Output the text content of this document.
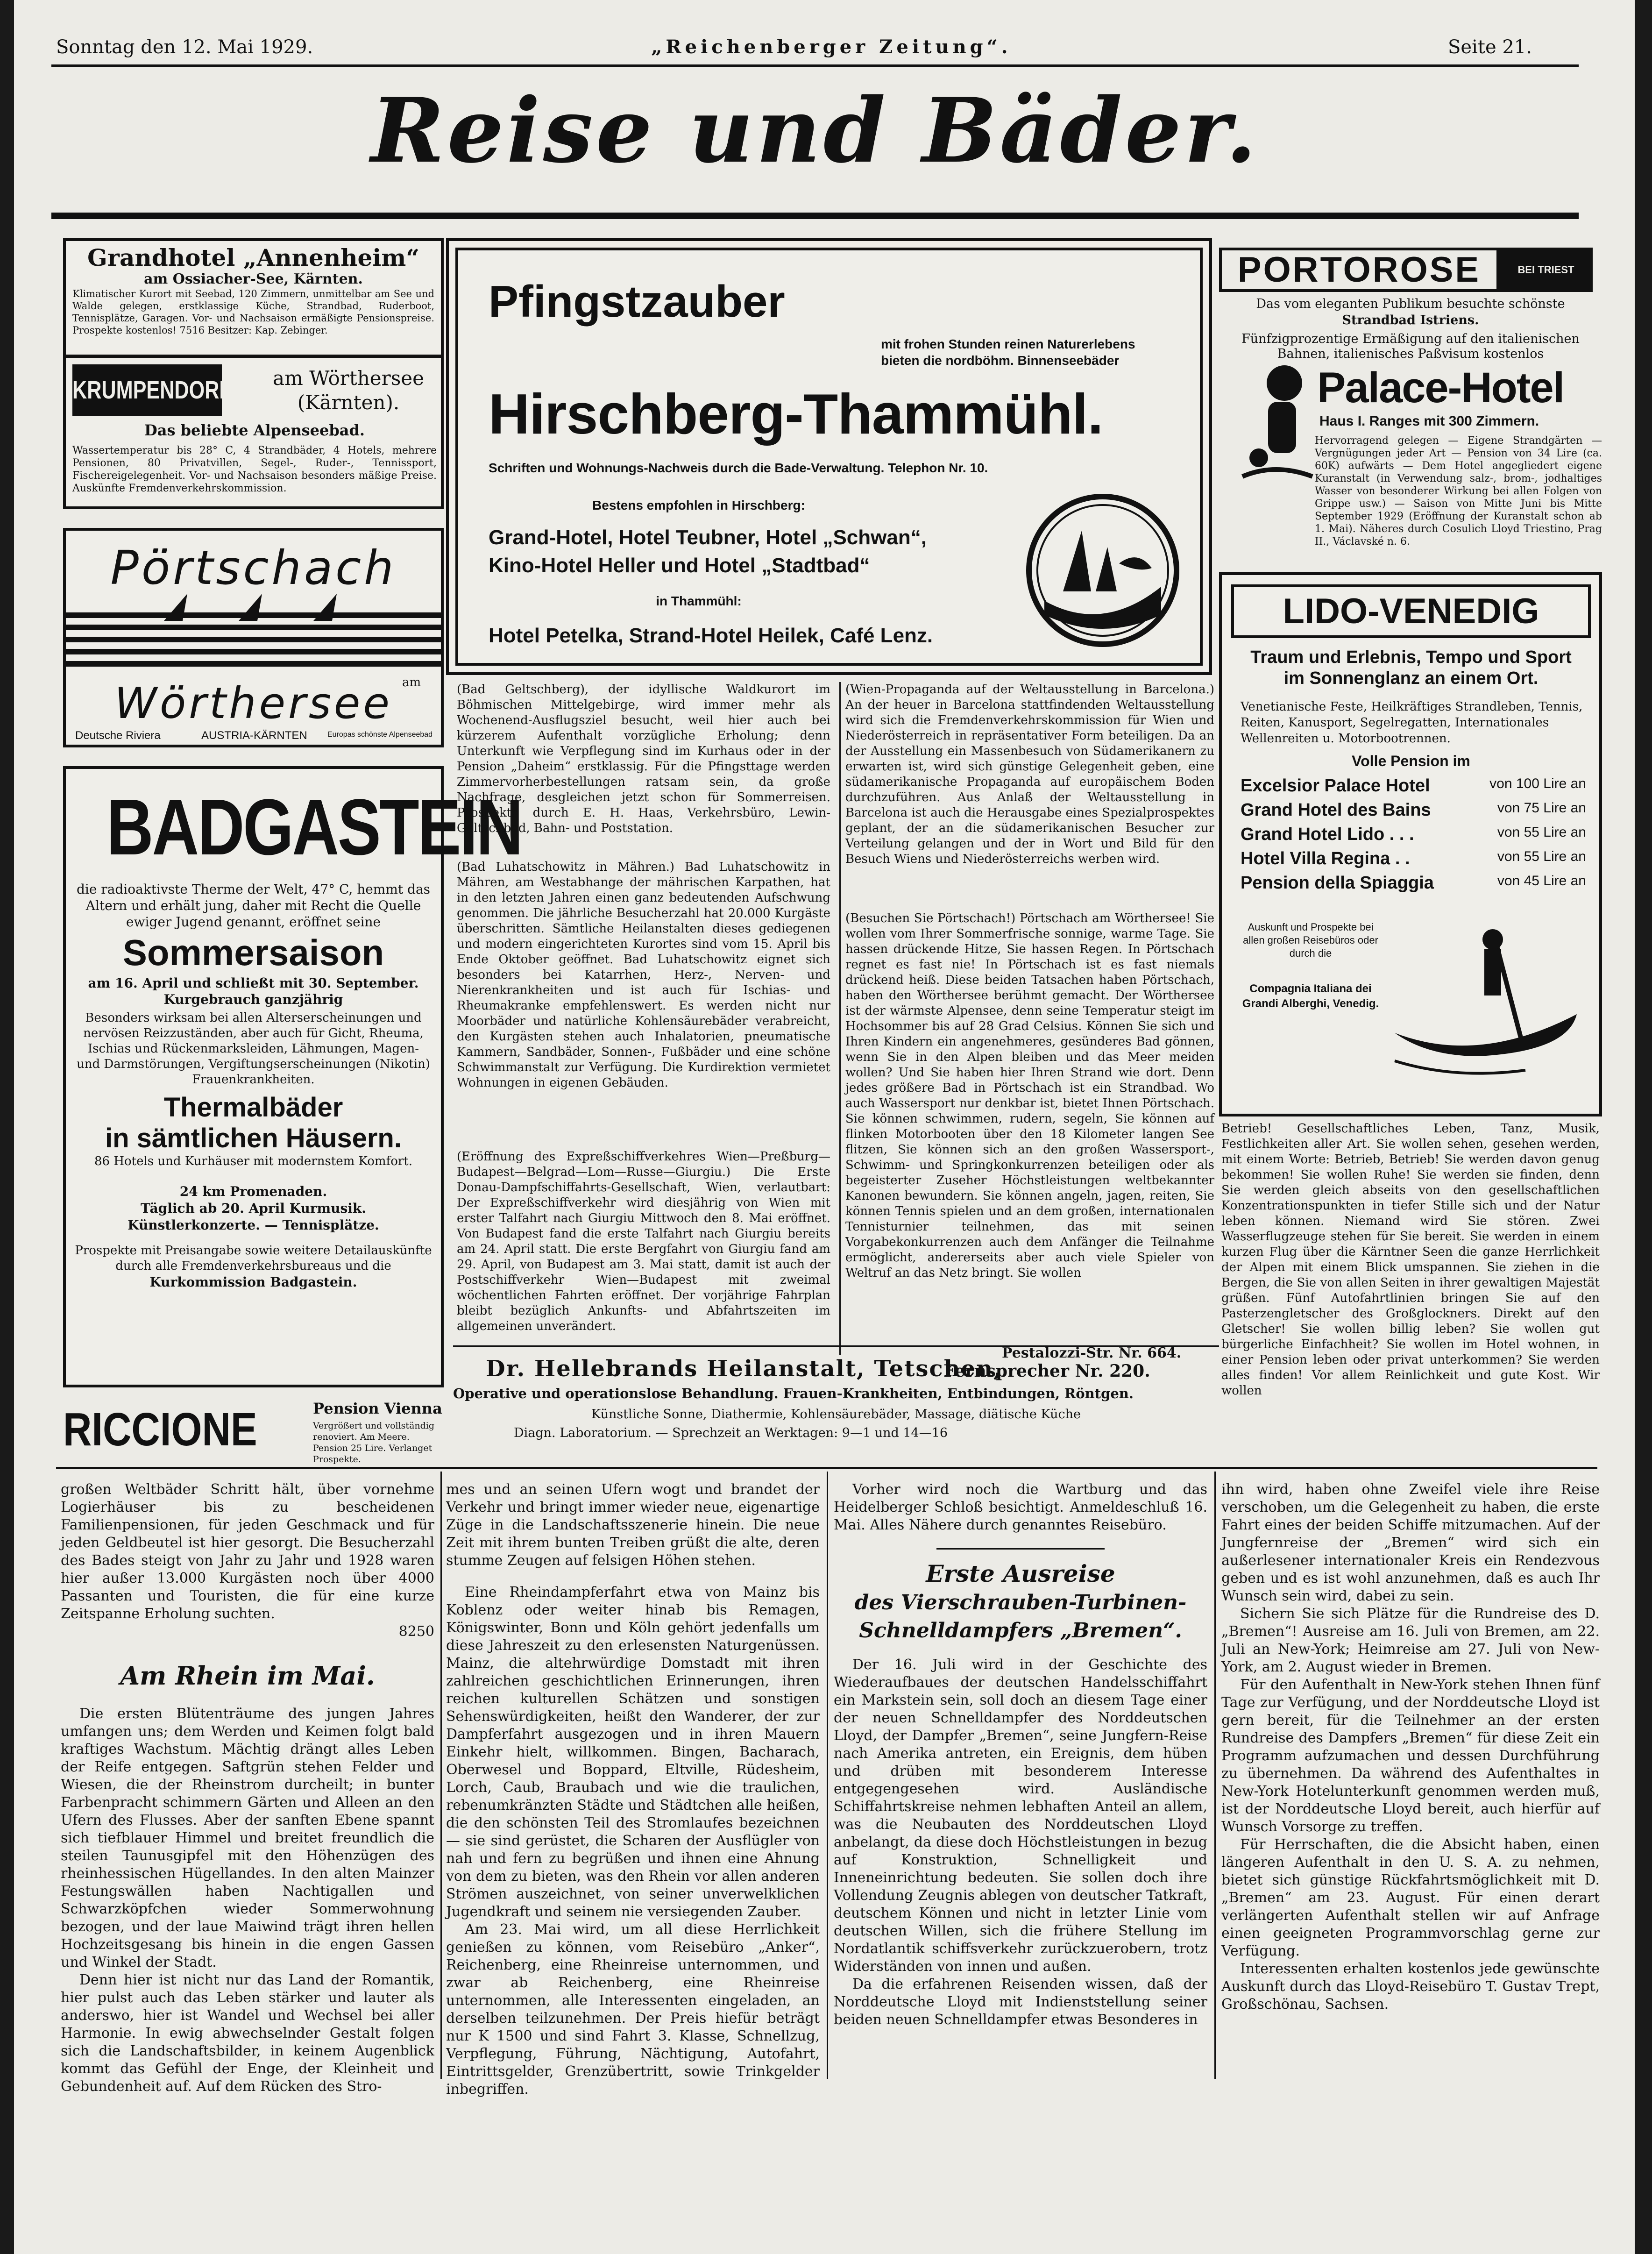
Sonntag den 12. Mai 1929.	„Reichenberger Zeitung“.	Seite 21.
Reise und Bäder.
Grandhotel „Annenheim“
am Ossiacher-See, Kärnten.
Klimatischer Kurort mit Seebad, 120 Zimmern, unmittelbar am See und Walde gelegen, erstklassige Küche, Strandbad, Ruderboot, Tennisplätze, Garagen. Vor- und Nachsaison ermäßigte Pensionspreise. Prospekte kostenlos! 7516 Besitzer: Kap. Zebinger.
KRUMPENDORF	am Wörthersee (Kärnten).
Das beliebte Alpenseebad.
Wassertemperatur bis 28° C, 4 Strandbäder, 4 Hotels, mehrere Pensionen, 80 Privatvillen, Segel-, Ruder-, Tennissport, Fischereigelegenheit. Vor- und Nachsaison besonders mäßige Preise. Auskünfte Fremdenverkehrskommission.
Pörtschach
am
Wörthersee
Deutsche Riviera	AUSTRIA-KÄRNTEN	Europas schönste Alpenseebad
BADGASTEIN
die radioaktivste Therme der Welt, 47° C, hemmt das Altern und erhält jung, daher mit Recht die Quelle ewiger Jugend genannt, eröffnet seine
Sommersaison
am 16. April und schließt mit 30. September. Kurgebrauch ganzjährig
Besonders wirksam bei allen Alterserscheinungen und nervösen Reizzuständen, aber auch für Gicht, Rheuma, Ischias und Rückenmarksleiden, Lähmungen, Magen- und Darmstörungen, Vergiftungserscheinungen (Nikotin) Frauenkrankheiten.
Thermalbäder
in sämtlichen Häusern.
86 Hotels und Kurhäuser mit modernstem Komfort.
24 km Promenaden.
Täglich ab 20. April Kurmusik.
Künstlerkonzerte. — Tennisplätze.
Prospekte mit Preisangabe sowie weitere Detailauskünfte durch alle Fremdenverkehrsbureaus und die
Kurkommission Badgastein.
RICCIONE	Pension Vienna
Vergrößert und vollständig renoviert. Am Meere. Pension 25 Lire. Verlanget Prospekte.
Pfingstzauber
mit frohen Stunden reinen Naturerlebens
bieten die nordböhm. Binnenseebäder
Hirschberg-Thammühl.
Schriften und Wohnungs-Nachweis durch die Bade-Verwaltung. Telephon Nr. 10.
Bestens empfohlen in Hirschberg:
Grand-Hotel, Hotel Teubner, Hotel „Schwan“,
Kino-Hotel Heller und Hotel „Stadtbad“
in Thammühl:
Hotel Petelka, Strand-Hotel Heilek, Café Lenz.
PORTOROSE	BEI TRIEST
Das vom eleganten Publikum besuchte schönste
Strandbad Istriens.
Fünfzigprozentige Ermäßigung auf den italienischen Bahnen, italienisches Paßvisum kostenlos
Palace-Hotel
Haus I. Ranges mit 300 Zimmern.
Hervorragend gelegen — Eigene Strandgärten — Vergnügungen jeder Art — Pension von 34 Lire (ca. 60K) aufwärts — Dem Hotel angegliedert eigene Kuranstalt (in Verwendung salz-, brom-, jodhaltiges Wasser von besonderer Wirkung bei allen Folgen von Grippe usw.) — Saison von Mitte Juni bis Mitte September 1929 (Eröffnung der Kuranstalt schon ab 1. Mai). Näheres durch Cosulich Lloyd Triestino, Prag II., Václavské n. 6.
LIDO-VENEDIG
Traum und Erlebnis, Tempo und Sport
im Sonnenglanz an einem Ort.
Venetianische Feste, Heilkräftiges Strandleben, Tennis, Reiten, Kanusport, Segelregatten, Internationales Wellenreiten u. Motorbootrennen.
Volle Pension im
Excelsior Palace Hotel	von 100 Lire an
Grand Hotel des Bains	von 75 Lire an
Grand Hotel Lido . . .	von 55 Lire an
Hotel Villa Regina . .	von 55 Lire an
Pension della Spiaggia	von 45 Lire an
Auskunft und Prospekte bei allen großen Reisebüros oder durch die
Compagnia Italiana dei Grandi Alberghi, Venedig.

(Bad Geltschberg), der idyllische Waldkurort im Böhmischen Mittelgebirge, wird immer mehr als Wochenend-Ausflugsziel besucht, weil hier auch bei kürzerem Aufenthalt vorzügliche Erholung; denn Unterkunft wie Verpflegung sind im Kurhaus oder in der Pension „Daheim“ erstklassig. Für die Pfingsttage werden Zimmervorherbestellungen ratsam sein, da große Nachfrage, desgleichen jetzt schon für Sommerreisen. Prospekte durch E. H. Haas, Verkehrsbüro, Lewin-Geltschbad, Bahn- und Poststation.

(Bad Luhatschowitz in Mähren.) Bad Luhatschowitz in Mähren, am Westabhange der mährischen Karpathen, hat in den letzten Jahren einen ganz bedeutenden Aufschwung genommen. Die jährliche Besucherzahl hat 20.000 Kurgäste überschritten. Sämtliche Heilanstalten dieses gediegenen und modern eingerichteten Kurortes sind vom 15. April bis Ende Oktober geöffnet. Bad Luhatschowitz eignet sich besonders bei Katarrhen, Herz-, Nerven- und Nierenkrankheiten und ist auch für Ischias- und Rheumakranke empfehlenswert. Es werden nicht nur Moorbäder und natürliche Kohlensäurebäder verabreicht, den Kurgästen stehen auch Inhalatorien, pneumatische Kammern, Sandbäder, Sonnen-, Fußbäder und eine schöne Schwimmanstalt zur Verfügung. Die Kurdirektion vermietet Wohnungen in eigenen Gebäuden.

(Eröffnung des Expreßschiffverkehres Wien—Preßburg—Budapest—Belgrad—Lom—Russe—Giurgiu.) Die Erste Donau-Dampfschiffahrts-Gesellschaft, Wien, verlautbart: Der Expreßschiffverkehr wird diesjährig von Wien mit erster Talfahrt nach Giurgiu Mittwoch den 8. Mai eröffnet. Von Budapest fand die erste Talfahrt nach Giurgiu bereits am 24. April statt. Die erste Bergfahrt von Giurgiu fand am 29. April, von Budapest am 3. Mai statt, damit ist auch der Postschiffverkehr Wien—Budapest mit zweimal wöchentlichen Fahrten eröffnet. Der vorjährige Fahrplan bleibt bezüglich Ankunfts- und Abfahrtszeiten im allgemeinen unverändert.

(Wien-Propaganda auf der Weltausstellung in Barcelona.) An der heuer in Barcelona stattfindenden Weltausstellung wird sich die Fremdenverkehrskommission für Wien und Niederösterreich in repräsentativer Form beteiligen. Da an der Ausstellung ein Massenbesuch von Südamerikanern zu erwarten ist, wird sich günstige Gelegenheit geben, eine südamerikanische Propaganda auf europäischem Boden durchzuführen. Aus Anlaß der Weltausstellung in Barcelona ist auch die Herausgabe eines Spezialprospektes geplant, der an die südamerikanischen Besucher zur Verteilung gelangen und der in Wort und Bild für den Besuch Wiens und Niederösterreichs werben wird.

(Besuchen Sie Pörtschach!) Pörtschach am Wörthersee! Sie wollen vom Ihrer Sommerfrische sonnige, warme Tage. Sie hassen drückende Hitze, Sie hassen Regen. In Pörtschach regnet es fast nie! In Pörtschach ist es fast niemals drückend heiß. Diese beiden Tatsachen haben Pörtschach, haben den Wörthersee berühmt gemacht. Der Wörthersee ist der wärmste Alpensee, denn seine Temperatur steigt im Hochsommer bis auf 28 Grad Celsius. Können Sie sich und Ihren Kindern ein angenehmeres, gesünderes Bad gönnen, wenn Sie in den Alpen bleiben und das Meer meiden wollen? Und Sie haben hier Ihren Strand wie dort. Denn jedes größere Bad in Pörtschach ist ein Strandbad. Wo auch Wassersport nur denkbar ist, bietet Ihnen Pörtschach. Sie können schwimmen, rudern, segeln, Sie können auf flinken Motorbooten über den 18 Kilometer langen See flitzen, Sie können sich an den großen Wassersport-, Schwimm- und Springkonkurrenzen beteiligen oder als begeisterter Zuseher Höchstleistungen weltbekannter Kanonen bewundern. Sie können angeln, jagen, reiten, Sie können Tennis spielen und an dem großen, internationalen Tennisturnier teilnehmen, das mit seinen Vorgabekonkurrenzen auch dem Anfänger die Teilnahme ermöglicht, andererseits aber auch viele Spieler von Weltruf an das Netz bringt. Sie wollen

Betrieb! Gesellschaftliches Leben, Tanz, Musik, Festlichkeiten aller Art. Sie wollen sehen, gesehen werden, mit einem Worte: Betrieb, Betrieb! Sie werden davon genug bekommen! Sie wollen Ruhe! Sie werden sie finden, denn Sie werden gleich abseits von den gesellschaftlichen Konzentrationspunkten in tiefer Stille sich und der Natur leben können. Niemand wird Sie stören. Zwei Wasserflugzeuge stehen für Sie bereit. Sie werden in einem kurzen Flug über die Kärntner Seen die ganze Herrlichkeit der Alpen mit einem Blick umspannen. Sie ziehen in die Bergen, die Sie von allen Seiten in ihrer gewaltigen Majestät grüßen. Fünf Autofahrtlinien bringen Sie auf den Pasterzengletscher des Großglockners. Direkt auf den Gletscher! Sie wollen billig leben? Sie wollen gut bürgerliche Einfachheit? Sie wollen im Hotel wohnen, in einer Pension leben oder privat unterkommen? Sie werden alles finden! Vor allem Reinlichkeit und gute Kost. Wir wollen

Dr. Hellebrands Heilanstalt, Tetschen,
Fernsprecher Nr. 220.
Pestalozzi-Str. Nr. 664.
Operative und operationslose Behandlung. Frauen-Krankheiten, Entbindungen, Röntgen.
Künstliche Sonne, Diathermie, Kohlensäurebäder, Massage, diätische Küche
Diagn. Laboratorium. — Sprechzeit an Werktagen: 9—1 und 14—16

großen Weltbäder Schritt hält, über vornehme Logierhäuser bis zu bescheidenen Familienpensionen, für jeden Geschmack und für jeden Geldbeutel ist hier gesorgt. Die Besucherzahl des Bades steigt von Jahr zu Jahr und 1928 waren hier außer 13.000 Kurgästen noch über 4000 Passanten und Touristen, die für eine kurze Zeitspanne Erholung suchten.

8250

Am Rhein im Mai.

Die ersten Blütenträume des jungen Jahres umfangen uns; dem Werden und Keimen folgt bald kraftiges Wachstum. Mächtig drängt alles Leben der Reife entgegen. Saftgrün stehen Felder und Wiesen, die der Rheinstrom durcheilt; in bunter Farbenpracht schimmern Gärten und Alleen an den Ufern des Flusses. Aber der sanften Ebene spannt sich tiefblauer Himmel und breitet freundlich die steilen Taunusgipfel mit den Höhenzügen des rheinhessischen Hügellandes. In den alten Mainzer Festungswällen haben Nachtigallen und Schwarzköpfchen wieder Sommerwohnung bezogen, und der laue Maiwind trägt ihren hellen Hochzeitsgesang bis hinein in die engen Gassen und Winkel der Stadt.

Denn hier ist nicht nur das Land der Romantik, hier pulst auch das Leben stärker und lauter als anderswo, hier ist Wandel und Wechsel bei aller Harmonie. In ewig abwechselnder Gestalt folgen sich die Landschaftsbilder, in keinem Augenblick kommt das Gefühl der Enge, der Kleinheit und Gebundenheit auf. Auf dem Rücken des Stro-

mes und an seinen Ufern wogt und brandet der Verkehr und bringt immer wieder neue, eigenartige Züge in die Landschaftsszenerie hinein. Die neue Zeit mit ihrem bunten Treiben grüßt die alte, deren stumme Zeugen auf felsigen Höhen stehen.

Eine Rheindampferfahrt etwa von Mainz bis Koblenz oder weiter hinab bis Remagen, Königswinter, Bonn und Köln gehört jedenfalls um diese Jahreszeit zu den erlesensten Naturgenüssen. Mainz, die altehrwürdige Domstadt mit ihren zahlreichen geschichtlichen Erinnerungen, ihren reichen kulturellen Schätzen und sonstigen Sehenswürdigkeiten, heißt den Wanderer, der zur Dampferfahrt ausgezogen und in ihren Mauern Einkehr hielt, willkommen. Bingen, Bacharach, Oberwesel und Boppard, Eltville, Rüdesheim, Lorch, Caub, Braubach und wie die traulichen, rebenumkränzten Städte und Städtchen alle heißen, die den schönsten Teil des Stromlaufes bezeichnen — sie sind gerüstet, die Scharen der Ausflügler von nah und fern zu begrüßen und ihnen eine Ahnung von dem zu bieten, was den Rhein vor allen anderen Strömen auszeichnet, von seiner unverwelklichen Jugendkraft und seinem nie versiegenden Zauber.

Am 23. Mai wird, um all diese Herrlichkeit genießen zu können, vom Reisebüro „Anker“, Reichenberg, eine Rheinreise unternommen, und zwar ab Reichenberg, eine Rheinreise unternommen, alle Interessenten eingeladen, an derselben teilzunehmen. Der Preis hiefür beträgt nur K 1500 und sind Fahrt 3. Klasse, Schnellzug, Verpflegung, Führung, Nächtigung, Autofahrt, Eintrittsgelder, Grenzübertritt, sowie Trinkgelder inbegriffen.

Vorher wird noch die Wartburg und das Heidelberger Schloß besichtigt. Anmeldeschluß 16. Mai. Alles Nähere durch genanntes Reisebüro.

Erste Ausreise

des Vierschrauben-Turbinen-

Schnelldampfers „Bremen“.

Der 16. Juli wird in der Geschichte des Wiederaufbaues der deutschen Handelsschiffahrt ein Markstein sein, soll doch an diesem Tage einer der neuen Schnelldampfer des Norddeutschen Lloyd, der Dampfer „Bremen“, seine Jungfern-Reise nach Amerika antreten, ein Ereignis, dem hüben und drüben mit besonderem Interesse entgegengesehen wird. Ausländische Schiffahrtskreise nehmen lebhaften Anteil an allem, was die Neubauten des Norddeutschen Lloyd anbelangt, da diese doch Höchstleistungen in bezug auf Konstruktion, Schnelligkeit und Inneneinrichtung bedeuten. Sie sollen doch ihre Vollendung Zeugnis ablegen von deutscher Tatkraft, deutschem Können und nicht in letzter Linie vom deutschen Willen, sich die frühere Stellung im Nordatlantik schiffsverkehr zurückzuerobern, trotz Widerständen von innen und außen.

Da die erfahrenen Reisenden wissen, daß der Norddeutsche Lloyd mit Indienststellung seiner beiden neuen Schnelldampfer etwas Besonderes in

ihn wird, haben ohne Zweifel viele ihre Reise verschoben, um die Gelegenheit zu haben, die erste Fahrt eines der beiden Schiffe mitzumachen. Auf der Jungfernreise der „Bremen“ wird sich ein außerlesener internationaler Kreis ein Rendezvous geben und es ist wohl anzunehmen, daß es auch Ihr Wunsch sein wird, dabei zu sein.

Sichern Sie sich Plätze für die Rundreise des D. „Bremen“! Ausreise am 16. Juli von Bremen, am 22. Juli an New-York; Heimreise am 27. Juli von New-York, am 2. August wieder in Bremen.

Für den Aufenthalt in New-York stehen Ihnen fünf Tage zur Verfügung, und der Norddeutsche Lloyd ist gern bereit, für die Teilnehmer an der ersten Rundreise des Dampfers „Bremen“ für diese Zeit ein Programm aufzumachen und dessen Durchführung zu übernehmen. Da während des Aufenthaltes in New-York Hotelunterkunft genommen werden muß, ist der Norddeutsche Lloyd bereit, auch hierfür auf Wunsch Vorsorge zu treffen.

Für Herrschaften, die die Absicht haben, einen längeren Aufenthalt in den U. S. A. zu nehmen, bietet sich günstige Rückfahrtsmöglichkeit mit D. „Bremen“ am 23. August. Für einen derart verlängerten Aufenthalt stellen wir auf Anfrage einen geeigneten Programmvorschlag gerne zur Verfügung.

Interessenten erhalten kostenlos jede gewünschte Auskunft durch das Lloyd-Reisebüro T. Gustav Trept, Großschönau, Sachsen.
